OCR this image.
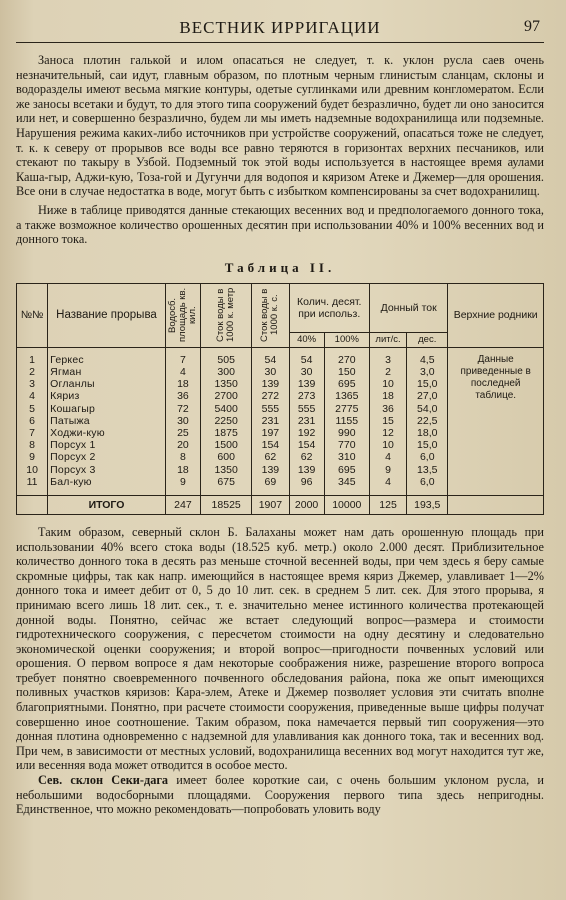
ВЕСТНИК ИРРИГАЦИИ	97

Заноса плотин галькой и илом опасаться не следует, т. к. уклон русла саев очень незначительный, саи идут, главным образом, по плотным черным глинистым сланцам, склоны и водоразделы имеют весьма мягкие контуры, одетые суглинками или древним конгломератом. Если же заносы всетаки и будут, то для этого типа сооружений будет безразлично, будет ли оно заносится или нет, и совершенно безразлично, будем ли мы иметь надземные водохранилища или подземные. Нарушения режима каких-либо источников при устройстве сооружений, опасаться тоже не следует, т. к. к северу от прорывов все воды все равно теряются в горизонтах верхних песчаников, или стекают по такыру в Узбой. Подземный ток этой воды используется в настоящее время аулами Каша-гыр, Аджи-кую, Тоза-гой и Дугунчи для водопоя и кяризом Атеке и Джемер—для орошения. Все они в случае недостатка в воде, могут быть с избытком компенсированы за счет водохранилищ.

Ниже в таблице приводятся данные стекающих весенних вод и предпологаемого донного тока, а также возможное количество орошенных десятин при использовании 40% и 100% весенних вод и донного тока.

Таблица II.
№№	Название прорыва	Водосб. площадь кв. кил.	Сток воды в 1000 к. метр	Сток воды в 1000 к. с.	Колич. десят. при использ.		Донный ток		Верхние родники
					40%	100%	лит/с.	дес.	
1	Геркес	7	505	54	54	270	3	4,5	Данные приведенные в последней таблице.
2	Ягман	4	300	30	30	150	2	3,0	
3	Огланлы	18	1350	139	139	695	10	15,0	
4	Кяриз	36	2700	272	273	1365	18	27,0	
5	Кошагыр	72	5400	555	555	2775	36	54,0	
6	Патыжа	30	2250	231	231	1155	15	22,5	
7	Ходжи-кую	25	1875	197	192	990	12	18,0	
8	Порсух 1	20	1500	154	154	770	10	15,0	
9	Порсух 2	8	600	62	62	310	4	6,0	
10	Порсух 3	18	1350	139	139	695	9	13,5	
11	Бал-кую	9	675	69	96	345	4	6,0	
	ИТОГО	247	18525	1907	2000	10000	125	193,5	

Таким образом, северный склон Б. Балаханы может нам дать орошенную площадь при использовании 40% всего стока воды (18.525 куб. метр.) около 2.000 десят. Приблизительное количество донного тока в десять раз меньше сточной весенней воды, при чем здесь я беру самые скромные цифры, так как напр. имеющийся в настоящее время кяриз Джемер, улавливает 1—2% донного тока и имеет дебит от 0, 5 до 10 лит. сек. в среднем 5 лит. сек. Для этого прорыва, я принимаю всего лишь 18 лит. сек., т. е. значительно менее истинного количества протекающей донной воды. Понятно, сейчас же встает следующий вопрос—размера и стоимости гидротехнического сооружения, с пересчетом стоимости на одну десятину и следовательно экономической оценки сооружения; и второй вопрос—пригодности почвенных условий или орошения. О первом вопросе я дам некоторые соображения ниже, разрешение второго вопроса требует понятно своевременного почвенного обследования района, пока же опыт имеющихся поливных участков кяризов: Кара-элем, Атеке и Джемер позволяет условия эти считать вполне благоприятными. Понятно, при расчете стоимости сооружения, приведенные выше цифры получат совершенно иное соотношение. Таким образом, пока намечается первый тип сооружения—это донная плотина одновременно с надземной для улавливания как донного тока, так и весенних вод. При чем, в зависимости от местных условий, водохранилища весенних вод могут находится тут же, или весенняя вода может отводится в особое место.

Сев. склон Секи-дага имеет более короткие саи, с очень большим уклоном русла, и небольшими водосборными площадями. Сооружения первого типа здесь непригодны. Единственное, что можно рекомендовать—попробовать уловить воду
